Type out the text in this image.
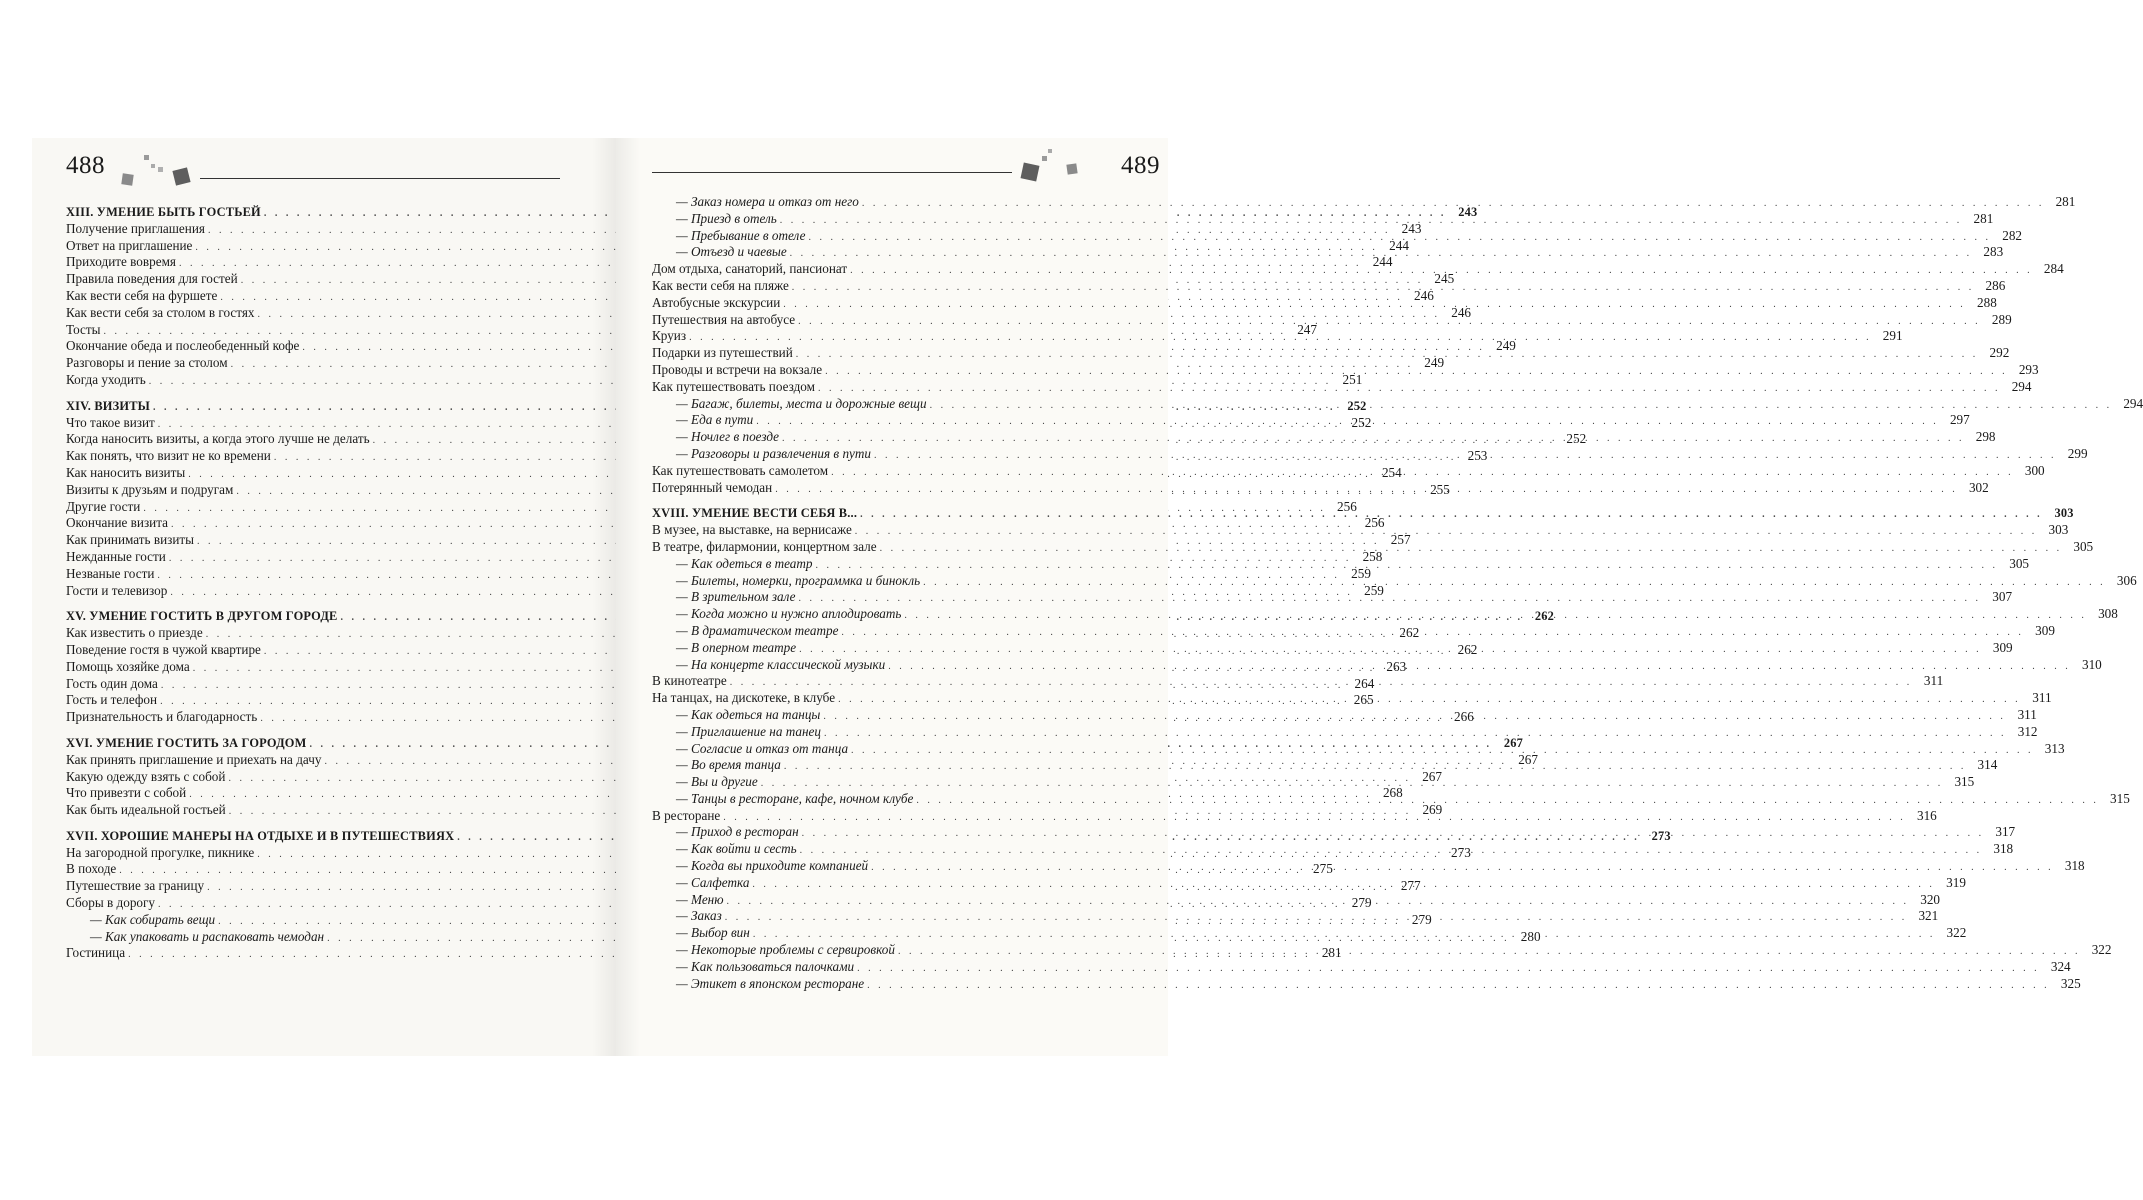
488
XIII. УМЕНИЕ БЫТЬ ГОСТЬЕЙ . . .	243
Получение приглашения . . .	243
Ответ на приглашение . . .	244
Приходите вовремя . . .	244
Правила поведения для гостей . . .	245
Как вести себя на фуршете . . .	246
Как вести себя за столом в гостях . . .	246
Тосты . . .	247
Окончание обеда и послеобеденный кофе . . .	249
Разговоры и пение за столом . . .	249
Когда уходить . . .	251
XIV. ВИЗИТЫ . . .	252
Что такое визит . . .	252
Когда наносить визиты, а когда этого лучше не делать . . .	252
Как понять, что визит не ко времени . . .	253
Как наносить визиты . . .	254
Визиты к друзьям и подругам . . .	255
Другие гости . . .	256
Окончание визита . . .	256
Как принимать визиты . . .	257
Нежданные гости . . .	258
Незваные гости . . .	259
Гости и телевизор . . .	259
XV. УМЕНИЕ ГОСТИТЬ В ДРУГОМ ГОРОДЕ . . .	262
Как известить о приезде . . .	262
Поведение гостя в чужой квартире . . .	262
Помощь хозяйке дома . . .	263
Гость один дома . . .	264
Гость и телефон . . .	265
Признательность и благодарность . . .	266
XVI. УМЕНИЕ ГОСТИТЬ ЗА ГОРОДОМ . . .	267
Как принять приглашение и приехать на дачу . . .	267
Какую одежду взять с собой . . .	267
Что привезти с собой . . .	268
Как быть идеальной гостьей . . .	269
XVII. ХОРОШИЕ МАНЕРЫ НА ОТДЫХЕ И В ПУТЕШЕСТВИЯХ . . .	273
На загородной прогулке, пикнике . . .	273
В походе . . .	275
Путешествие за границу . . .	277
Сборы в дорогу . . .	279
— Как собирать вещи . . .	279
— Как упаковать и распаковать чемодан . . .	280
Гостиница . . .	281
489
— Заказ номера и отказ от него . . .	281
— Приезд в отель . . .	281
— Пребывание в отеле . . .	282
— Отъезд и чаевые . . .	283
Дом отдыха, санаторий, пансионат . . .	284
Как вести себя на пляже . . .	286
Автобусные экскурсии . . .	288
Путешествия на автобусе . . .	289
Круиз . . .	291
Подарки из путешествий . . .	292
Проводы и встречи на вокзале . . .	293
Как путешествовать поездом . . .	294
— Багаж, билеты, места и дорожные вещи . . .	294
— Еда в пути . . .	297
— Ночлег в поезде . . .	298
— Разговоры и развлечения в пути . . .	299
Как путешествовать самолетом . . .	300
Потерянный чемодан . . .	302
XVIII. УМЕНИЕ ВЕСТИ СЕБЯ В... . . .	303
В музее, на выставке, на вернисаже . . .	303
В театре, филармонии, концертном зале . . .	305
— Как одеться в театр . . .	305
— Билеты, номерки, программка и бинокль . . .	306
— В зрительном зале . . .	307
— Когда можно и нужно аплодировать . . .	308
— В драматическом театре . . .	309
— В оперном театре . . .	309
— На концерте классической музыки . . .	310
В кинотеатре . . .	311
На танцах, на дискотеке, в клубе . . .	311
— Как одеться на танцы . . .	311
— Приглашение на танец . . .	312
— Согласие и отказ от танца . . .	313
— Во время танца . . .	314
— Вы и другие . . .	315
— Танцы в ресторане, кафе, ночном клубе . . .	315
В ресторане . . .	316
— Приход в ресторан . . .	317
— Как войти и сесть . . .	318
— Когда вы приходите компанией . . .	318
— Салфетка . . .	319
— Меню . . .	320
— Заказ . . .	321
— Выбор вин . . .	322
— Некоторые проблемы с сервировкой . . .	322
— Как пользоваться палочками . . .	324
— Этикет в японском ресторане . . .	325
